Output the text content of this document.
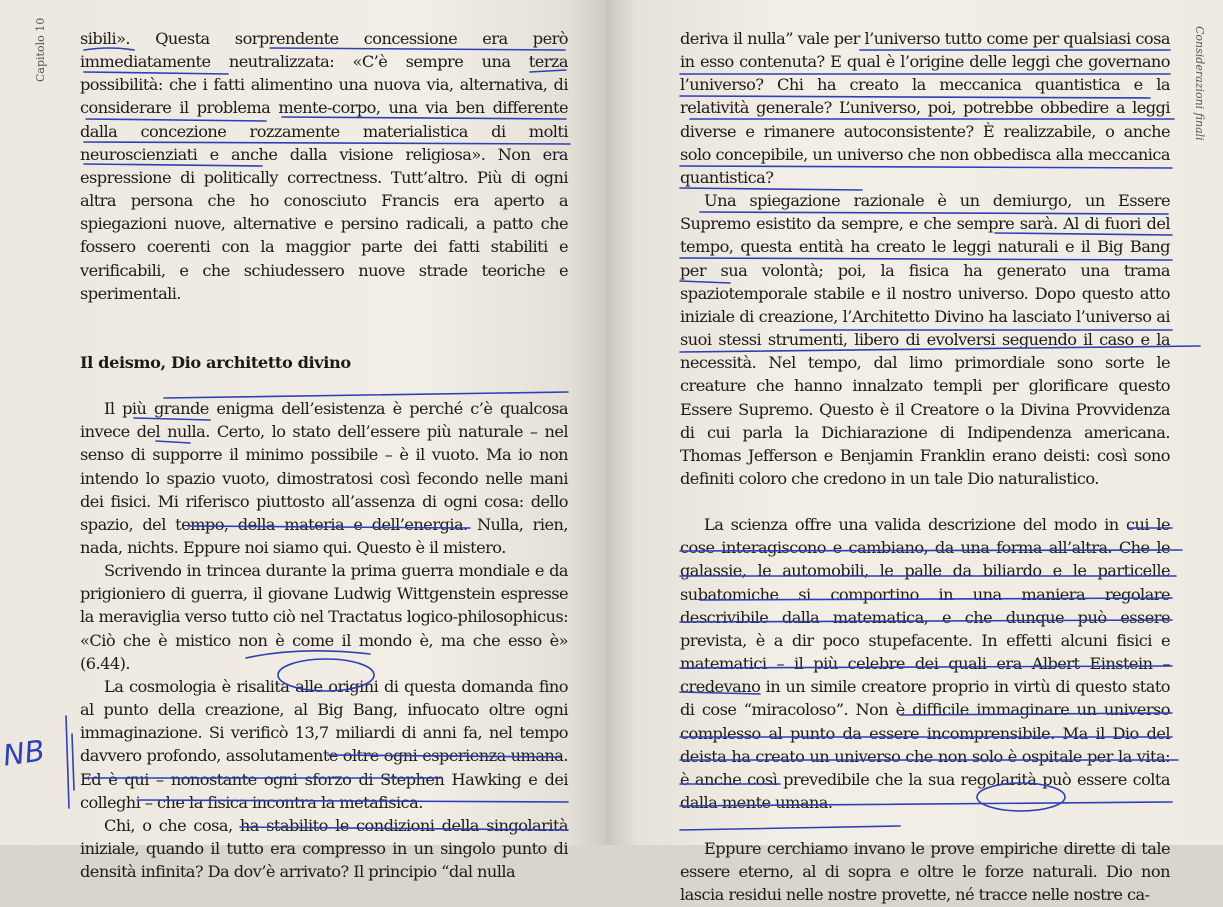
Capitolo 10	Considerazioni finali

sibili». Questa sorprendente concessione era però immediatamente neutralizzata: «C’è sempre una terza possibilità: che i fatti alimentino una nuova via, alternativa, di considerare il problema mente-corpo, una via ben differente dalla concezione rozzamente materialistica di molti neuroscienziati e anche dalla visione religiosa». Non era espressione di politically correctness. Tutt’altro. Più di ogni altra persona che ho conosciuto Francis era aperto a spiegazioni nuove, alternative e persino radicali, a patto che fossero coerenti con la maggior parte dei fatti stabiliti e verificabili, e che schiudessero nuove strade teoriche e sperimentali.

Il deismo, Dio architetto divino

Il più grande enigma dell’esistenza è perché c’è qualcosa invece del nulla. Certo, lo stato dell’essere più naturale – nel senso di supporre il minimo possibile – è il vuoto. Ma io non intendo lo spazio vuoto, dimostratosi così fecondo nelle mani dei fisici. Mi riferisco piuttosto all’assenza di ogni cosa: dello spazio, del tempo, della materia e dell’energia. Nulla, rien, nada, nichts. Eppure noi siamo qui. Questo è il mistero.

Scrivendo in trincea durante la prima guerra mondiale e da prigioniero di guerra, il giovane Ludwig Wittgenstein espresse la meraviglia verso tutto ciò nel Tractatus logico-philosophicus: «Ciò che è mistico non è come il mondo è, ma che esso è» (6.44).

La cosmologia è risalita alle origini di questa domanda fino al punto della creazione, al Big Bang, infuocato oltre ogni immaginazione. Si verificò 13,7 miliardi di anni fa, nel tempo davvero profondo, assolutamente oltre ogni esperienza umana. Ed è qui – nonostante ogni sforzo di Stephen Hawking e dei colleghi – che la fisica incontra la metafisica.

Chi, o che cosa, ha stabilito le condizioni della singolarità iniziale, quando il tutto era compresso in un singolo punto di densità infinita? Da dov’è arrivato? Il principio “dal nulla

deriva il nulla” vale per l’universo tutto come per qualsiasi cosa in esso contenuta? E qual è l’origine delle leggi che governano l’universo? Chi ha creato la meccanica quantistica e la relatività generale? L’universo, poi, potrebbe obbedire a leggi diverse e rimanere autoconsistente? È realizzabile, o anche solo concepibile, un universo che non obbedisca alla meccanica quantistica?

Una spiegazione razionale è un demiurgo, un Essere Supremo esistito da sempre, e che sempre sarà. Al di fuori del tempo, questa entità ha creato le leggi naturali e il Big Bang per sua volontà; poi, la fisica ha generato una trama spaziotemporale stabile e il nostro universo. Dopo questo atto iniziale di creazione, l’Architetto Divino ha lasciato l’universo ai suoi stessi strumenti, libero di evolversi seguendo il caso e la necessità. Nel tempo, dal limo primordiale sono sorte le creature che hanno innalzato templi per glorificare questo Essere Supremo. Questo è il Creatore o la Divina Provvidenza di cui parla la Dichiarazione di Indipendenza americana. Thomas Jefferson e Benjamin Franklin erano deisti: così sono definiti coloro che credono in un tale Dio naturalistico.

La scienza offre una valida descrizione del modo in cui le cose interagiscono e cambiano, da una forma all’altra. Che le galassie, le automobili, le palle da biliardo e le particelle subatomiche si comportino in una maniera regolare descrivibile dalla matematica, e che dunque può essere prevista, è a dir poco stupefacente. In effetti alcuni fisici e matematici – il più celebre dei quali era Albert Einstein – credevano in un simile creatore proprio in virtù di questo stato di cose “miracoloso”. Non è difficile immaginare un universo complesso al punto da essere incomprensibile. Ma il Dio del deista ha creato un universo che non solo è ospitale per la vita: è anche così prevedibile che la sua regolarità può essere colta dalla mente umana.

Eppure cerchiamo invano le prove empiriche dirette di tale essere eterno, al di sopra e oltre le forze naturali. Dio non lascia residui nelle nostre provette, né tracce nelle nostre ca-

NB
